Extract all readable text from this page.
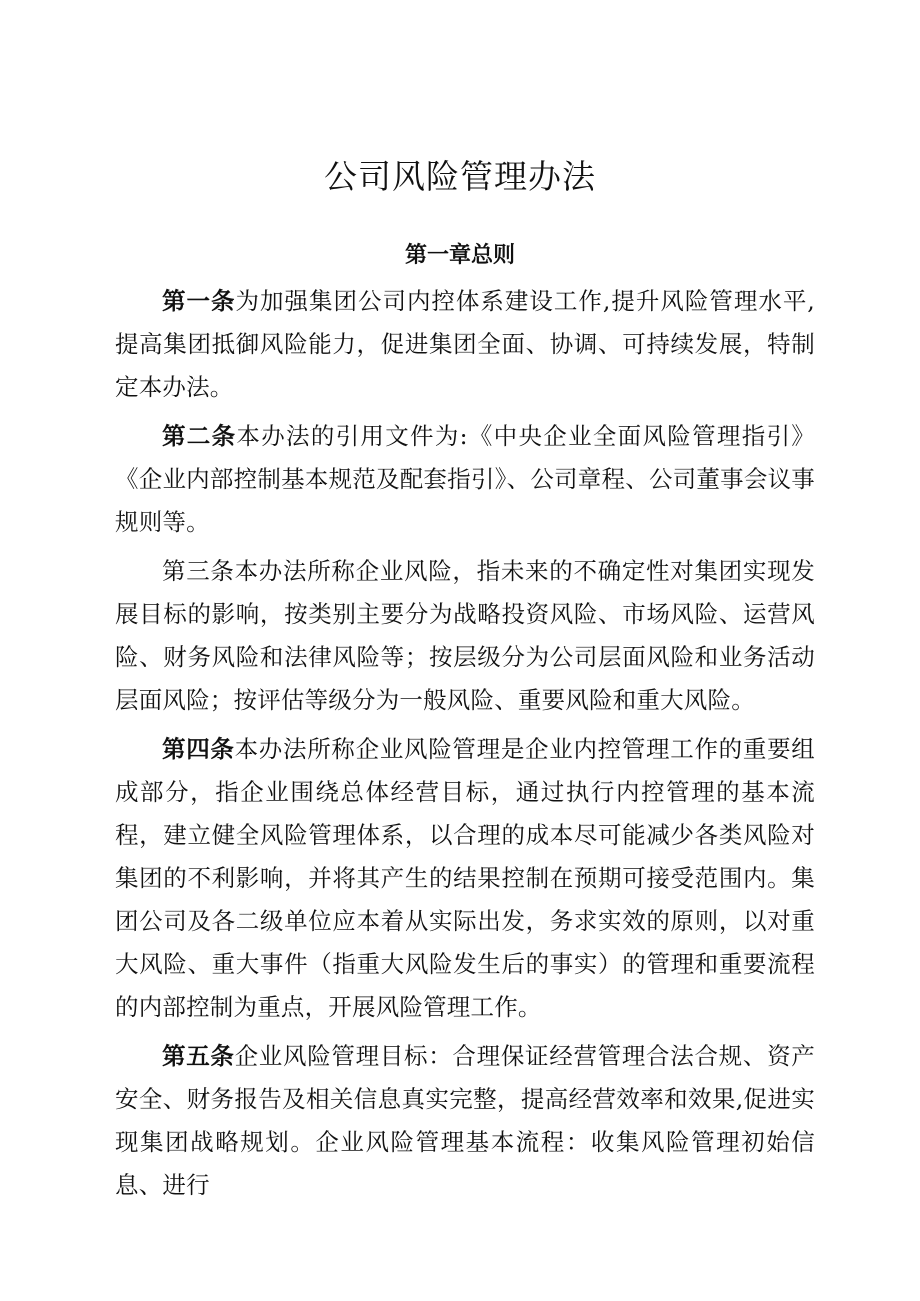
公司风险管理办法
第一章总则

第一条为加强集团公司内控体系建设工作,提升风险管理水平,提高集团抵御风险能力，促进集团全面、协调、可持续发展，特制定本办法。

第二条本办法的引用文件为:《中央企业全面风险管理指引》《企业内部控制基本规范及配套指引》、公司章程、公司董事会议事规则等。

第三条本办法所称企业风险，指未来的不确定性对集团实现发展目标的影响，按类别主要分为战略投资风险、市场风险、运营风险、财务风险和法律风险等；按层级分为公司层面风险和业务活动层面风险；按评估等级分为一般风险、重要风险和重大风险。

第四条本办法所称企业风险管理是企业内控管理工作的重要组成部分，指企业围绕总体经营目标，通过执行内控管理的基本流程，建立健全风险管理体系，以合理的成本尽可能减少各类风险对集团的不利影响，并将其产生的结果控制在预期可接受范围内。集团公司及各二级单位应本着从实际出发，务求实效的原则，以对重大风险、重大事件（指重大风险发生后的事实）的管理和重要流程的内部控制为重点，开展风险管理工作。

第五条企业风险管理目标：合理保证经营管理合法合规、资产安全、财务报告及相关信息真实完整，提高经营效率和效果,促进实现集团战略规划。企业风险管理基本流程：收集风险管理初始信息、进行
